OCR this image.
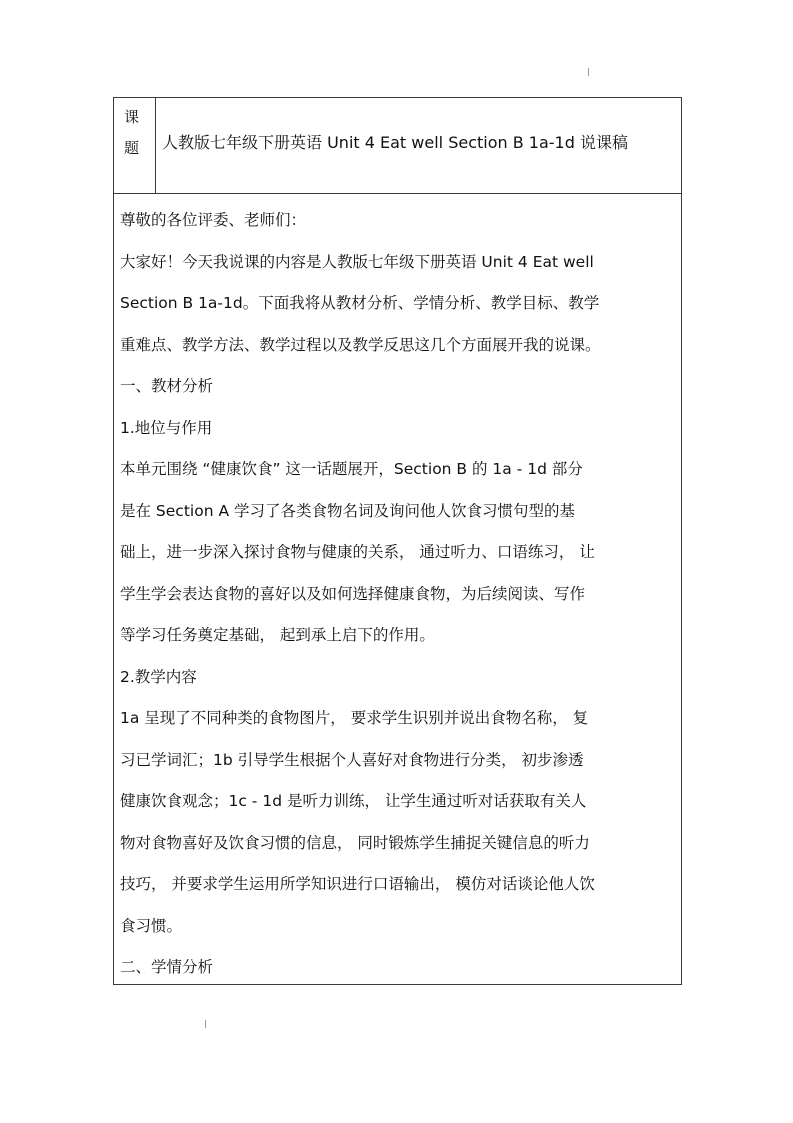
课题	人教版七年级下册英语 Unit 4 Eat well Section B 1a-1d 说课稿
尊敬的各位评委、老师们：
大家好！今天我说课的内容是人教版七年级下册英语 Unit 4 Eat well
Section B 1a-1d。下面我将从教材分析、学情分析、教学目标、教学
重难点、教学方法、教学过程以及教学反思这几个方面展开我的说课。
一、教材分析
1.地位与作用
本单元围绕 “健康饮食” 这一话题展开，Section B 的 1a - 1d 部分
是在 Section A 学习了各类食物名词及询问他人饮食习惯句型的基
础上，进一步深入探讨食物与健康的关系， 通过听力、口语练习， 让
学生学会表达食物的喜好以及如何选择健康食物，为后续阅读、写作
等学习任务奠定基础， 起到承上启下的作用。
2.教学内容
1a 呈现了不同种类的食物图片， 要求学生识别并说出食物名称， 复
习已学词汇；1b 引导学生根据个人喜好对食物进行分类， 初步渗透
健康饮食观念；1c - 1d 是听力训练， 让学生通过听对话获取有关人
物对食物喜好及饮食习惯的信息， 同时锻炼学生捕捉关键信息的听力
技巧， 并要求学生运用所学知识进行口语输出， 模仿对话谈论他人饮
食习惯。
二、学情分析
